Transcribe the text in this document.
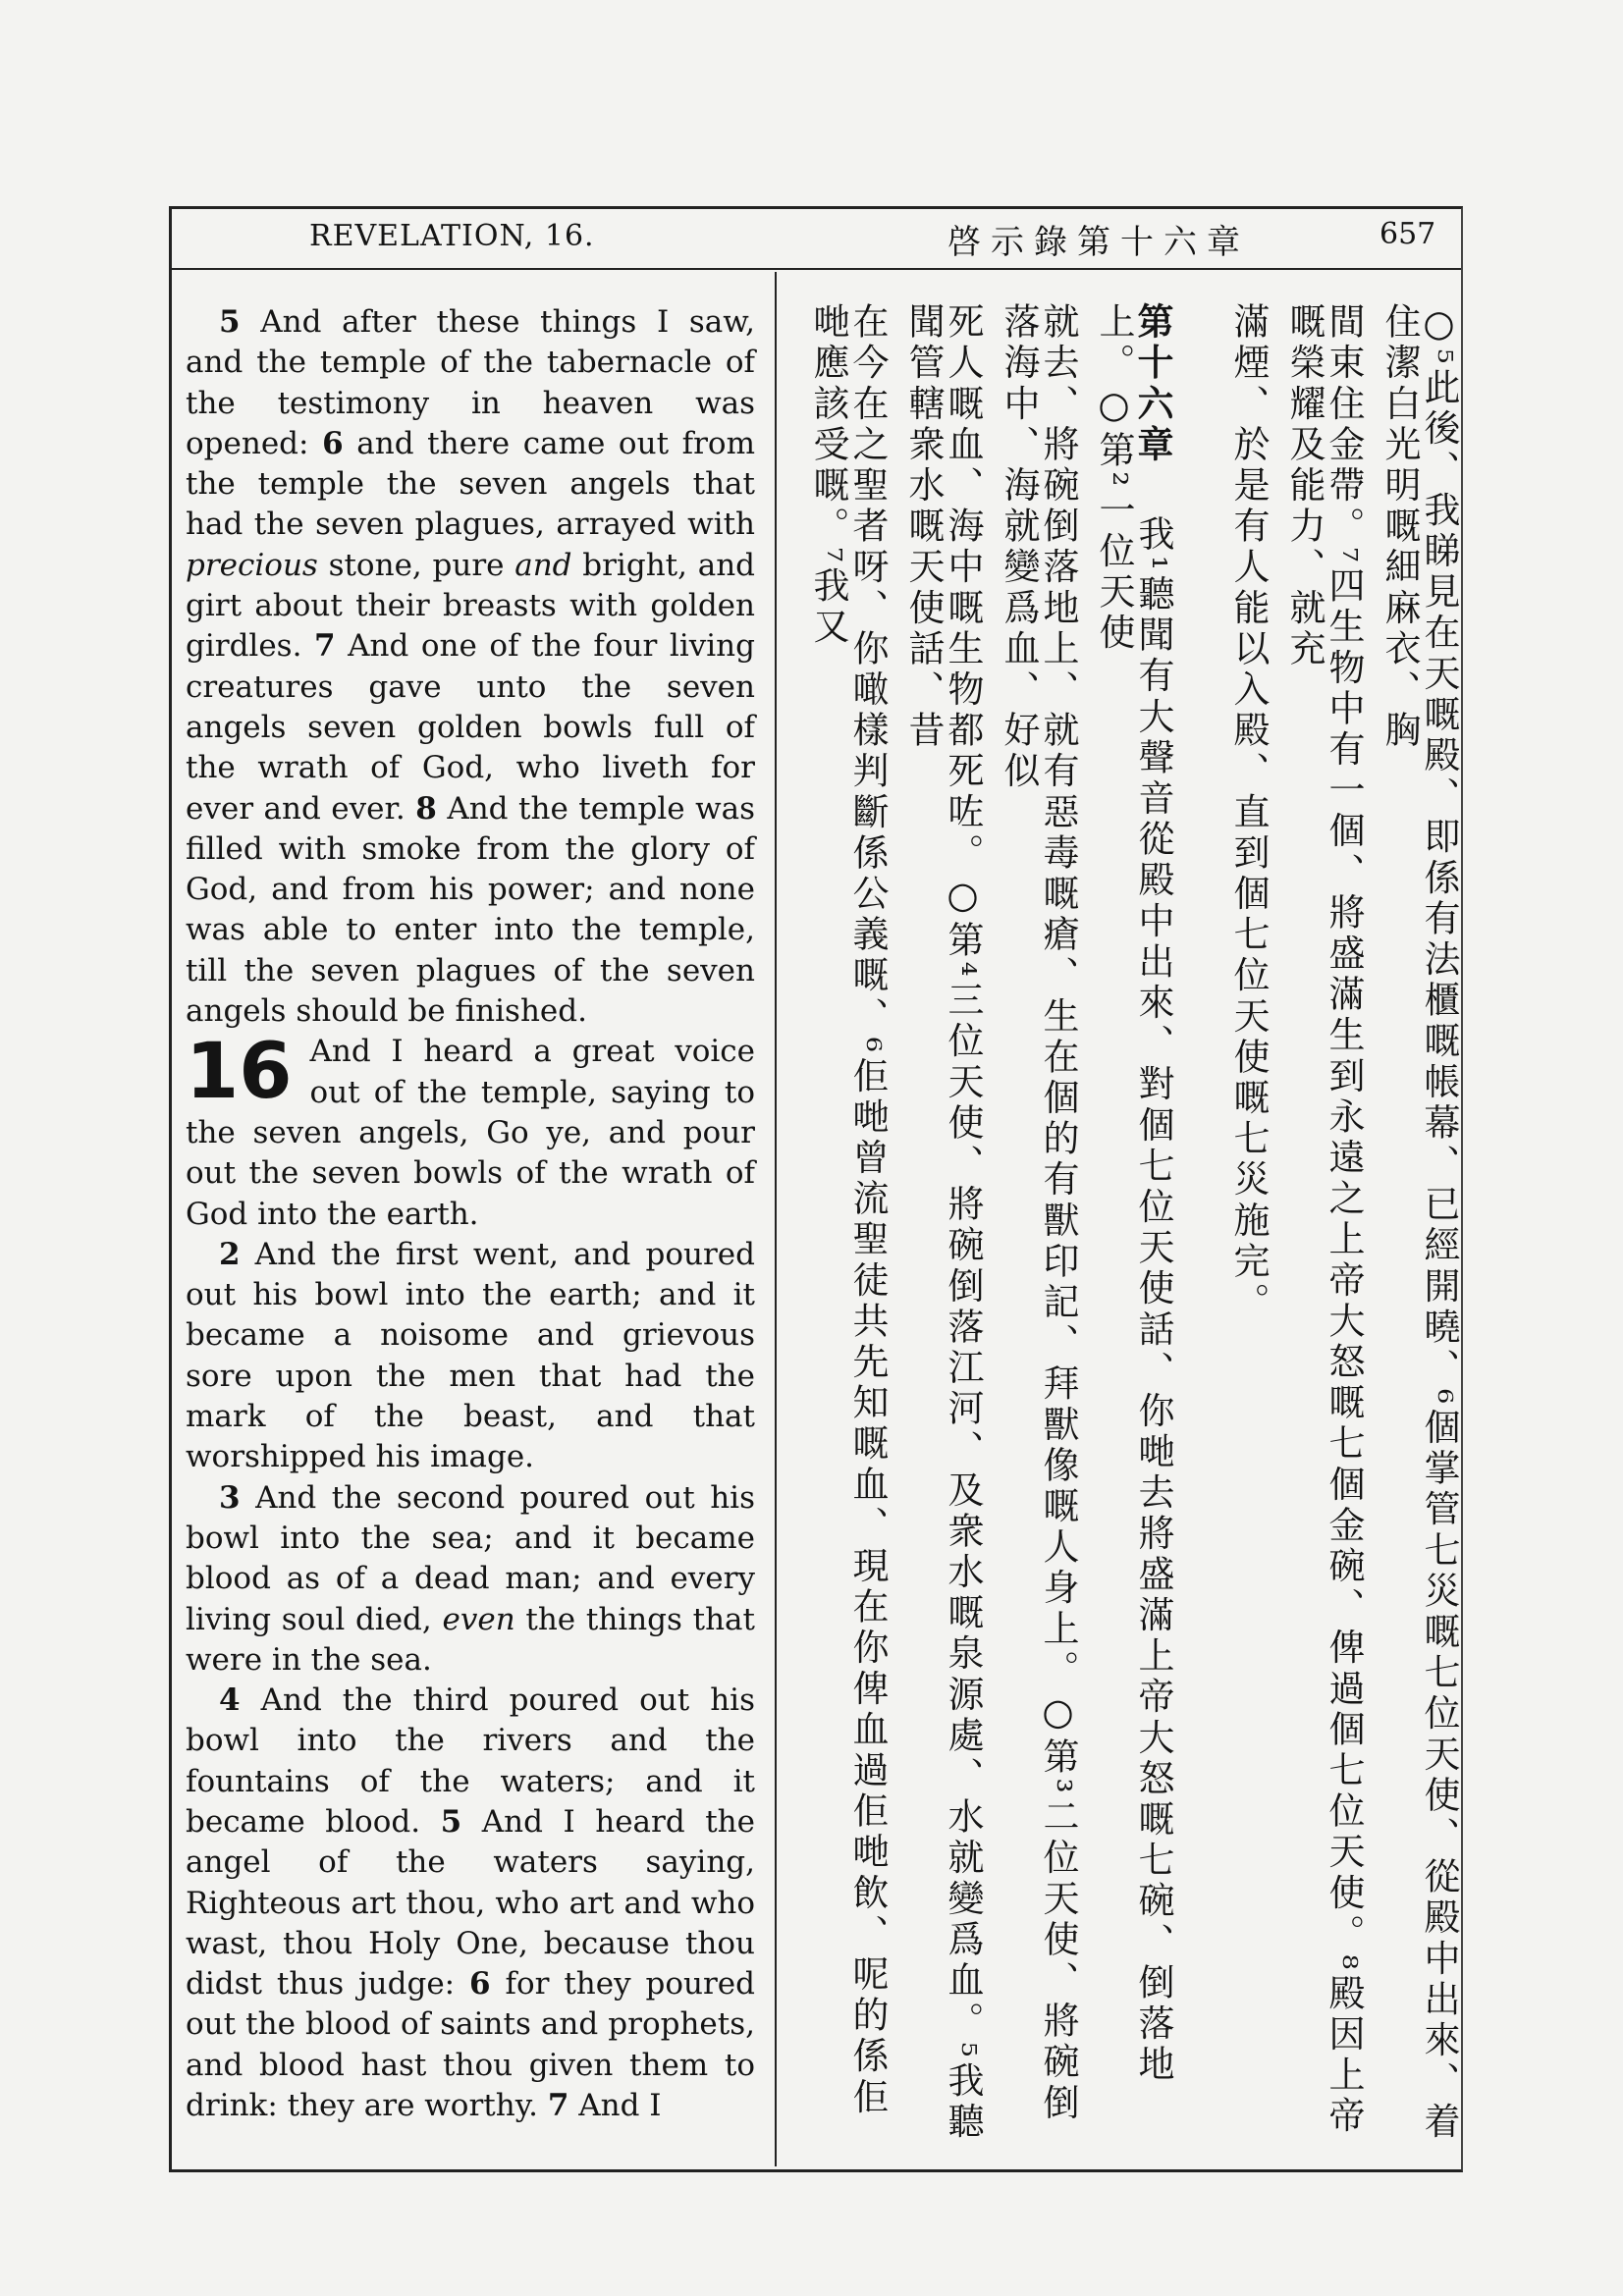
REVELATION, 16.	啓示錄第十六章	657

5 And after these things I saw, and the temple of the tabernacle of the testimony in heaven was opened: 6 and there came out from the temple the seven angels that had the seven plagues, arrayed with precious stone, pure and bright, and girt about their breasts with golden girdles. 7 And one of the four living creatures gave unto the seven angels seven golden bowls full of the wrath of God, who liveth for ever and ever. 8 And the temple was filled with smoke from the glory of God, and from his power; and none was able to enter into the temple, till the seven plagues of the seven angels should be finished.

16 And I heard a great voice out of the temple, saying to the seven angels, Go ye, and pour out the seven bowls of the wrath of God into the earth.

2 And the first went, and poured out his bowl into the earth; and it became a noisome and grievous sore upon the men that had the mark of the beast, and that worshipped his image.

3 And the second poured out his bowl into the sea; and it became blood as of a dead man; and every living soul died, even the things that were in the sea.

4 And the third poured out his bowl into the rivers and the fountains of the waters; and it became blood. 5 And I heard the angel of the waters saying, Righteous art thou, who art and who wast, thou Holy One, because thou didst thus judge: 6 for they poured out the blood of saints and prophets, and blood hast thou given them to drink: they are worthy. 7 And I	○⁵此後、我睇見在天嘅殿、即係有法櫃嘅帳幕、已經開曉、⁶個掌管七災嘅七位天使、從殿中出來、着住潔白光明嘅細麻衣、胸
間束住金帶。⁷四生物中有一個、將盛滿生到永遠之上帝大怒嘅七個金碗、俾過個七位天使。⁸殿因上帝嘅榮耀及能力、就充
滿煙、於是有人能以入殿、直到個七位天使嘅七災施完。
第十六章我¹聽聞有大聲音從殿中出來、對個七位天使話、你哋去將盛滿上帝大怒嘅七碗、倒落地上。○第²一位天使
就去、將碗倒落地上、就有惡毒嘅瘡、生在個的有獸印記、拜獸像嘅人身上。○第³二位天使、將碗倒落海中、海就變爲血、好似
死人嘅血、海中嘅生物都死咗。○第⁴三位天使、將碗倒落江河、及衆水嘅泉源處、水就變爲血。⁵我聽聞管轄衆水嘅天使話、昔
在今在之聖者呀、你噉樣判斷係公義嘅、⁶佢哋曾流聖徒共先知嘅血、現在你俾血過佢哋飲、呢的係佢哋應該受嘅。⁷我又
